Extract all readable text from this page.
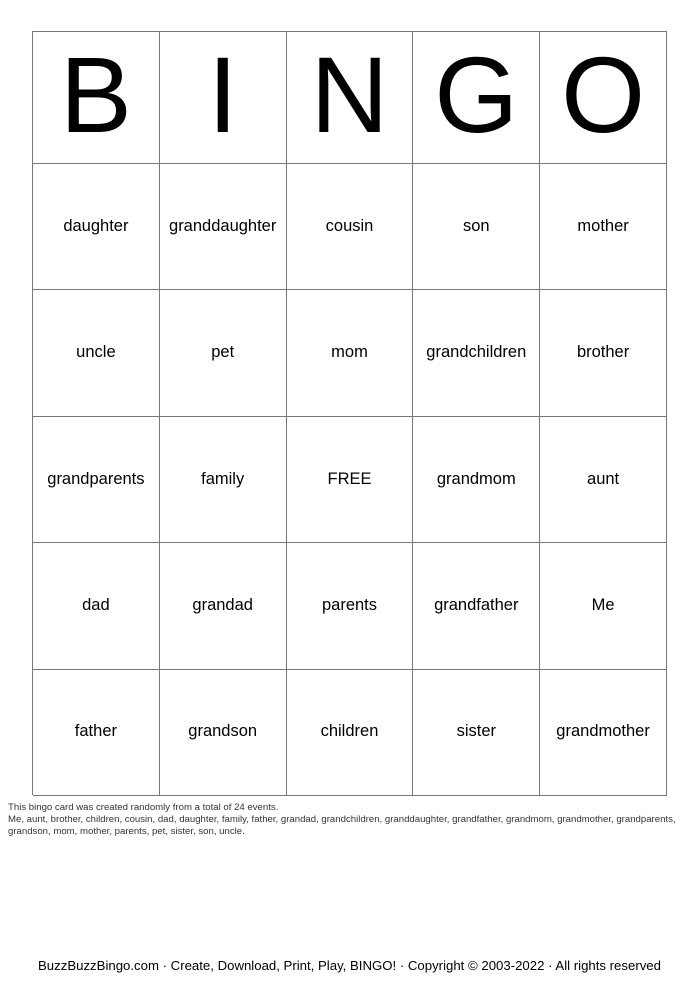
B I N G O
daughter	granddaughter	cousin	son	mother
uncle	pet	mom	grandchildren	brother
grandparents	family	FREE	grandmom	aunt
dad	grandad	parents	grandfather	Me
father	grandson	children	sister	grandmother
This bingo card was created randomly from a total of 24 events.
Me, aunt, brother, children, cousin, dad, daughter, family, father, grandad, grandchildren, granddaughter, grandfather, grandmom, grandmother, grandparents, grandson, mom, mother, parents, pet, sister, son, uncle.
BuzzBuzzBingo.com · Create, Download, Print, Play, BINGO! · Copyright © 2003-2022 · All rights reserved
